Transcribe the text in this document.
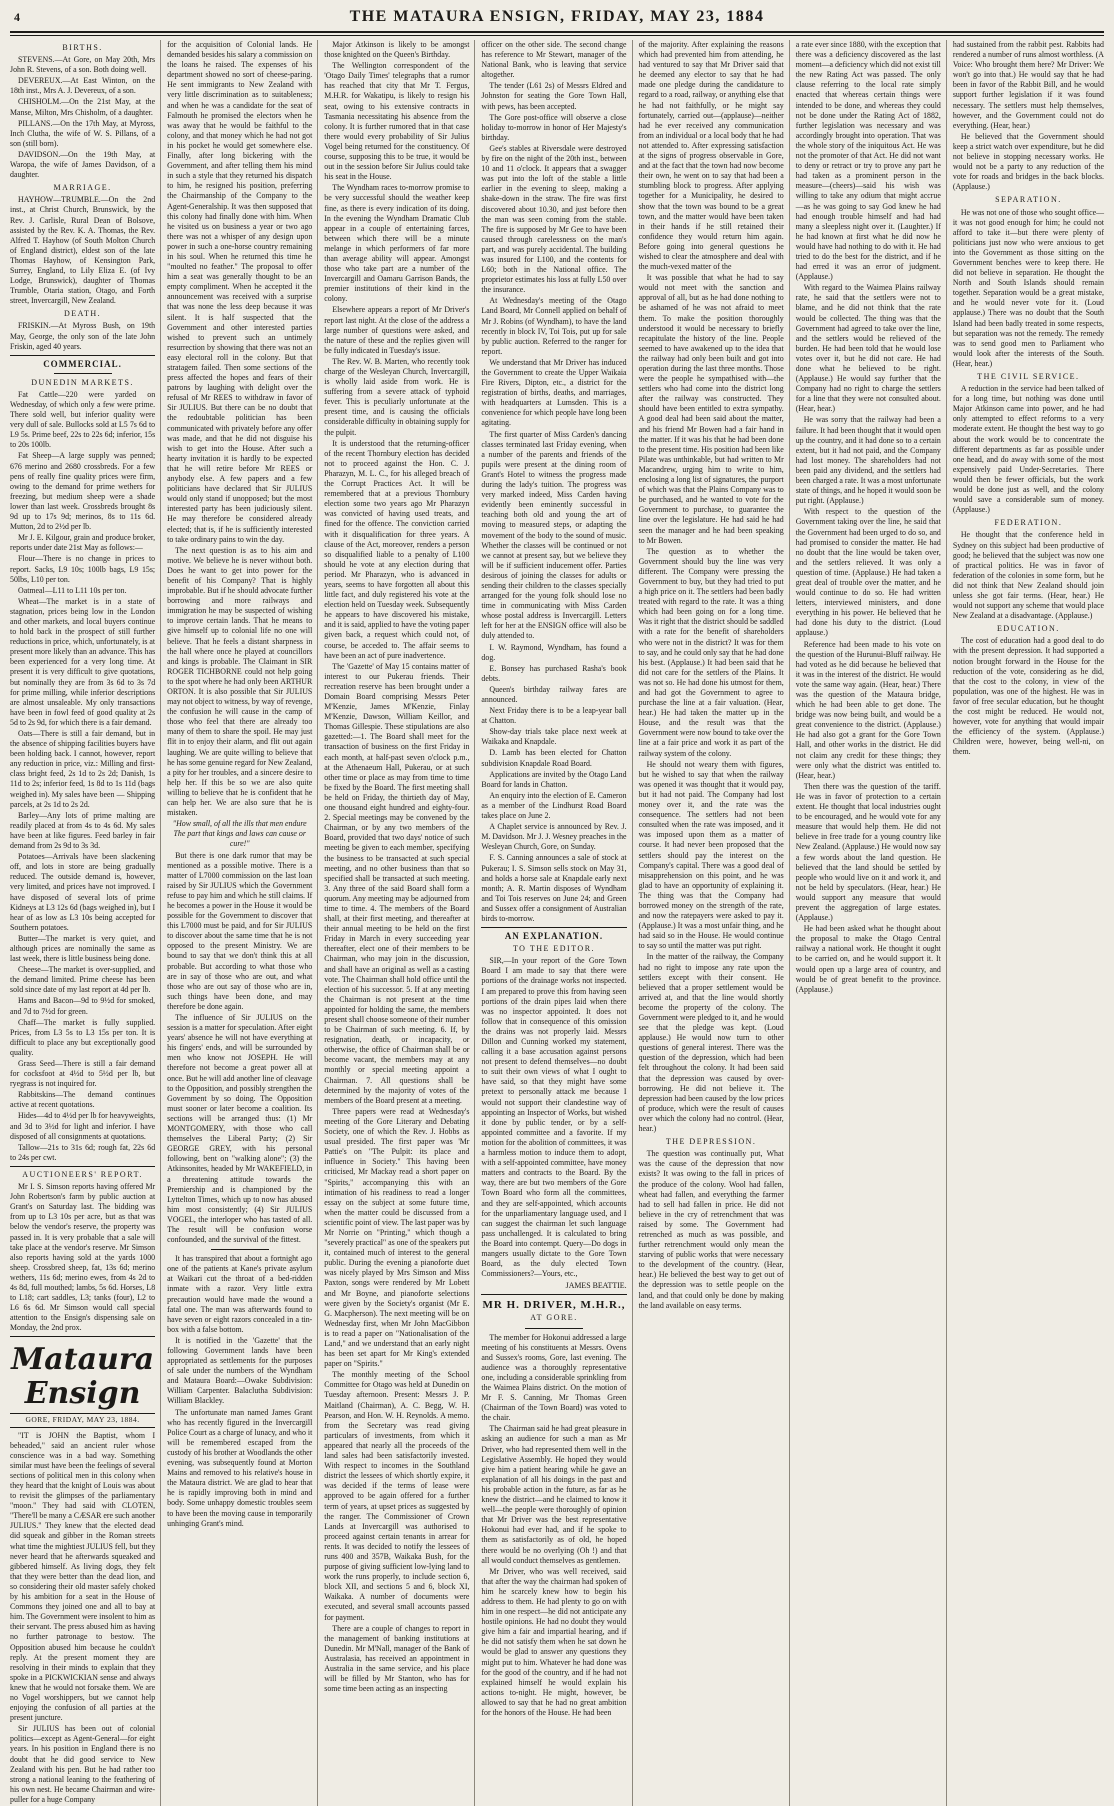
4	THE MATAURA ENSIGN, FRIDAY, MAY 23, 1884
BIRTHS.

STEVENS.—At Gore, on May 20th, Mrs John R. Stevens, of a son. Both doing well.

DEVEREUX.—At East Winton, on the 18th inst., Mrs A. J. Devereux, of a son.

CHISHOLM.—On the 21st May, at the Manse, Milton, Mrs Chisholm, of a daughter.

PILLANS.—On the 17th May, at Myross, Inch Clutha, the wife of W. S. Pillans, of a son (still born).

DAVIDSON.—On the 19th May, at Waropa, the wife of James Davidson, of a daughter.

MARRIAGE.

HAYHOW—TRUMBLE.—On the 2nd inst., at Christ Church, Brunswick, by the Rev. J. Carlisle, Rural Dean of Bolsove, assisted by the Rev. K. A. Thomas, the Rev. Alfred T. Hayhow (of South Molton Church of England district), eldest son of the late Thomas Hayhow, of Kensington Park, Surrey, England, to Lily Eliza E. (of Ivy Lodge, Brunswick), daughter of Thomas Trumble, Otaria station, Otago, and Forth street, Invercargill, New Zealand.

DEATH.

FRISKIN.—At Myross Bush, on 19th May, George, the only son of the late John Friskin, aged 40 years.

COMMERCIAL.
DUNEDIN MARKETS.

Fat Cattle—220 were yarded on Wednesday, of which only a few were prime. There sold well, but inferior quality were very dull of sale. Bullocks sold at L5 7s 6d to L9 5s. Prime beef, 22s to 22s 6d; inferior, 15s to 20s 100lb.

Fat Sheep—A large supply was penned; 676 merino and 2680 crossbreds. For a few pens of really fine quality prices were firm, owing to the demand for prime wethers for freezing, but medium sheep were a shade lower than last week. Crossbreds brought 8s 9d up to 17s 9d; merinos, 8s to 11s 6d. Mutton, 2d to 2½d per lb.

Mr J. E. Kilgour, grain and produce broker, reports under date 21st May as follows:—

Flour—There is no change in prices to report. Sacks, L9 10s; 100lb bags, L9 15s; 50lbs, L10 per ton.

Oatmeal—L11 to L11 10s per ton.

Wheat—The market is in a state of stagnation, prices being low in the London and other markets, and local buyers continue to hold back in the prospect of still further reductions in price, which, unfortunately, is at present more likely than an advance. This has been experienced for a very long time. At present it is very difficult to give quotations, but nominally they are from 3s 6d to 3s 7d for prime milling, while inferior descriptions are almost unsaleable. My only transactions have been in fowl feed of good quality at 2s 5d to 2s 9d, for which there is a fair demand.

Oats—There is still a fair demand, but in the absence of shipping facilities buyers have been holding back. I cannot, however, report any reduction in price, viz.: Milling and first-class bright feed, 2s 1d to 2s 2d; Danish, 1s 11d to 2s; inferior feed, 1s 8d to 1s 11d (bags weighed in). My sales have been — Shipping parcels, at 2s 1d to 2s 2d.

Barley—Any lots of prime malting are readily placed at from 4s to 4s 6d. My sales have been at like figures. Feed barley in fair demand from 2s 9d to 3s 3d.

Potatoes—Arrivals have been slackening off, and lots in store are being gradually reduced. The outside demand is, however, very limited, and prices have not improved. I have disposed of several lots of prime Kidneys at L3 12s 6d (bags weighed in), but I hear of as low as L3 10s being accepted for Southern potatoes.

Butter—The market is very quiet, and although prices are nominally the same as last week, there is little business being done.

Cheese—The market is over-supplied, and the demand limited. Prime cheese has been sold since date of my last report at 4d per lb.

Hams and Bacon—9d to 9½d for smoked, and 7d to 7½d for green.

Chaff—The market is fully supplied. Prices, from L3 5s to L3 15s per ton. It is difficult to place any but exceptionally good quality.

Grass Seed—There is still a fair demand for cocksfoot at 4½d to 5½d per lb, but ryegrass is not inquired for.

Rabbitskins—The demand continues active at recent quotations.

Hides—4d to 4½d per lb for heavyweights, and 3d to 3½d for light and inferior. I have disposed of all consignments at quotations.

Tallow—21s to 31s 6d; rough fat, 22s 6d to 24s per cwt.

AUCTIONEERS' REPORT.

Mr I. S. Simson reports having offered Mr John Robertson's farm by public auction at Grant's on Saturday last. The bidding was from up to L3 10s per acre, but as that was below the vendor's reserve, the property was passed in. It is very probable that a sale will take place at the vendor's reserve. Mr Simson also reports having sold at the yards 1000 sheep. Crossbred sheep, fat, 13s 6d; merino wethers, 11s 6d; merino ewes, from 4s 2d to 4s 8d, full mouthed; lambs, 5s 6d. Horses, L8 to L18; cart saddles, L3; tanks (four), L2 to L6 6s 6d. Mr Simson would call special attention to the Ensign's dispensing sale on Monday, the 2nd prox.

Mataura Ensign
GORE, FRIDAY, MAY 23, 1884.

"IT is JOHN the Baptist, whom I beheaded," said an ancient ruler whose conscience was in a bad way. Something similar must have been the feelings of several sections of political men in this colony when they heard that the knight of Louis was about to revisit the glimpses of the parliamentary "moon." They had said with CLOTEN, "There'll be many a CÆSAR ere such another JULIUS." They knew that the elected dead did squeak and gibber in the Roman streets what time the mightiest JULIUS fell, but they never heard that he afterwards squeaked and gibbered himself. As living dogs, they felt that they were better than the dead lion, and so considering their old master safely choked by his ambition for a seat in the House of Commons they joined one and all to bay at him. The Government were insolent to him as their servant. The press abused him as having no further patronage to bestow. The Opposition abused him because he couldn't reply. At the present moment they are resolving in their minds to explain that they spoke in a PICKWICKIAN sense and always knew that he would not forsake them. We are no Vogel worshippers, but we cannot help enjoying the confusion of all parties at the present juncture.

Sir JULIUS has been out of colonial politics—except as Agent-General—for eight years. In his position in England there is no doubt that he did good service to New Zealand with his pen. But he had rather too strong a national leaning to the feathering of his own nest. He became Chairman and wire-puller for a huge Company

for the acquisition of Colonial lands. He demanded besides his salary a commission on the loans he raised. The expenses of his department showed no sort of cheese-paring. He sent immigrants to New Zealand with very little discrimination as to suitableness; and when he was a candidate for the seat of Falmouth he promised the electors when he was away that he would be faithful to the colony, and that money which he had not got in his pocket he would get somewhere else. Finally, after long bickering with the Government, and after telling them his mind in such a style that they returned his dispatch to him, he resigned his position, preferring the Chairmanship of the Company to the Agent-Generalship. It was then supposed that this colony had finally done with him. When he visited us on business a year or two ago there was not a whisper of any design upon power in such a one-horse country remaining in his soul. When he returned this time he "moulted no feather." The proposal to offer him a seat was generally thought to be an empty compliment. When he accepted it the announcement was received with a surprise that was none the less deep because it was silent. It is half suspected that the Government and other interested parties wished to prevent such an untimely resurrection by showing that there was not an easy electoral roll in the colony. But that stratagem failed. Then some sections of the press affected the hopes and fears of their patrons by laughing with delight over the refusal of Mr REES to withdraw in favor of Sir JULIUS. But there can be no doubt that the redoubtable politician has been communicated with privately before any offer was made, and that he did not disguise his wish to get into the House. After such a hearty invitation it is hardly to be expected that he will retire before Mr REES or anybody else. A few papers and a few politicians have declared that Sir JULIUS would only stand if unopposed; but the most interested party has been judiciously silent. He may therefore be considered already elected; that is, if he is sufficiently interested to take ordinary pains to win the day.

The next question is as to his aim and motive. We believe he is never without both. Does he want to get into power for the benefit of his Company? That is highly improbable. But if he should advocate further borrowing and more railways and immigration he may be suspected of wishing to improve certain lands. That he means to give himself up to colonial life no one will believe. That he feels a distant sharpness in the hall where once he played at councillors and kings is probable. The Claimant in SIR ROGER TICHBORNE could not help going to the spot where he had only been ARTHUR ORTON. It is also possible that Sir JULIUS may not object to witness, by way of revenge, the confusion he will cause in the camp of those who feel that there are already too many of them to share the spoil. He may just flit in to enjoy their alarm, and flit out again laughing. We are quite willing to believe that he has some genuine regard for New Zealand, a pity for her troubles, and a sincere desire to help her. If this be so we are also quite willing to believe that he is confident that he can help her. We are also sure that he is mistaken.

"How small, of all the ills that men endure The part that kings and laws can cause or cure!"

But there is one dark rumor that may be mentioned as a possible motive. There is a matter of L7000 commission on the last loan raised by Sir JULIUS which the Government refuse to pay him and which he still claims. If he becomes a power in the House it would be possible for the Government to discover that this L7000 must be paid, and for Sir JULIUS to discover about the same time that he is not opposed to the present Ministry. We are bound to say that we don't think this at all probable. But according to what those who are in say of those who are out, and what those who are out say of those who are in, such things have been done, and may therefore be done again.

The influence of Sir JULIUS on the session is a matter for speculation. After eight years' absence he will not have everything at his fingers' ends, and will be surrounded by men who know not JOSEPH. He will therefore not become a great power all at once. But he will add another line of cleavage to the Opposition, and possibly strengthen the Government by so doing. The Opposition must sooner or later become a coalition. Its sections will be arranged thus: (1) Mr MONTGOMERY, with those who call themselves the Liberal Party; (2) Sir GEORGE GREY, with his personal following, bent on "walking alone"; (3) the Atkinsonites, headed by Mr WAKEFIELD, in a threatening attitude towards the Premiership and is championed by the Lyttelton Times, which up to now has abused him most consistently; (4) Sir JULIUS VOGEL, the interloper who has tasted of all. The result will be confusion worse confounded, and the survival of the fittest.

It has transpired that about a fortnight ago one of the patients at Kane's private asylum at Waikari cut the throat of a bed-ridden inmate with a razor. Very little extra precaution would have made the wound a fatal one. The man was afterwards found to have seven or eight razors concealed in a tin-box with a false bottom.

It is notified in the 'Gazette' that the following Government lands have been appropriated as settlements for the purposes of sale under the numbers of the Wyndham and Mataura Board:—Owake Subdivision: William Carpenter. Balaclutha Subdivision: William Blackley.

The unfortunate man named James Grant who has recently figured in the Invercargill Police Court as a charge of lunacy, and who it will be remembered escaped from the custody of his brother at Woodlands the other evening, was subsequently found at Morton Mains and removed to his relative's house in the Mataura district. We are glad to hear that he is rapidly improving both in mind and body. Some unhappy domestic troubles seem to have been the moving cause in temporarily unhinging Grant's mind.

Major Atkinson is likely to be amongst those knighted on the Queen's Birthday.

The Wellington correspondent of the 'Otago Daily Times' telegraphs that a rumor has reached that city that Mr T. Fergus, M.H.R. for Wakatipu, is likely to resign his seat, owing to his extensive contracts in Tasmania necessitating his absence from the colony. It is further rumored that in that case there would every probability of Sir Julius Vogel being returned for the constituency. Of course, supposing this to be true, it would be out in the session before Sir Julius could take his seat in the House.

The Wyndham races to-morrow promise to be very successful should the weather keep fine, as there is every indication of its doing. In the evening the Wyndham Dramatic Club appear in a couple of entertaining farces, between which there will be a minute melange in which performers of far more than average ability will appear. Amongst those who take part are a number of the Invercargill and Oamaru Garrison Bands, the premier institutions of their kind in the colony.

Elsewhere appears a report of Mr Driver's report last night. At the close of the address a large number of questions were asked, and the nature of these and the replies given will be fully indicated in Tuesday's issue.

The Rev. W. B. Marten, who recently took charge of the Wesleyan Church, Invercargill, is wholly laid aside from work. He is suffering from a severe attack of typhoid fever. This is peculiarly unfortunate at the present time, and is causing the officials considerable difficulty in obtaining supply for the pulpit.

It is understood that the returning-officer of the recent Thornbury election has decided not to proceed against the Hon. C. J. Pharazyn, M. L. C., for his alleged breach of the Corrupt Practices Act. It will be remembered that at a previous Thornbury election some two years ago Mr Pharazyn was convicted of having used treats, and fined for the offence. The conviction carried with it disqualification for three years. A clause of the Act, moreover, renders a person so disqualified liable to a penalty of L100 should he vote at any election during that period. Mr Pharazyn, who is advanced in years, seems to have forgotten all about this little fact, and duly registered his vote at the election held on Tuesday week. Subsequently he appears to have discovered his mistake, and it is said, applied to have the voting paper given back, a request which could not, of course, be acceded to. The affair seems to have been an act of pure inadvertence.

The 'Gazette' of May 15 contains matter of interest to our Pukerau friends. Their recreation reserve has been brought under a Domain Board comprising Messrs Peter M'Kenzie, James M'Kenzie, Finlay M'Kenzie, Dawson, William Keillor, and Thomas Gillespie. These stipulations are also gazetted:—1. The Board shall meet for the transaction of business on the first Friday in each month, at half-past seven o'clock p.m., at the Athenaeum Hall, Pukerau, or at such other time or place as may from time to time be fixed by the Board. The first meeting shall be held on Friday, the thirtieth day of May, one thousand eight hundred and eighty-four. 2. Special meetings may be convened by the Chairman, or by any two members of the Board, provided that two days' notice of such meeting be given to each member, specifying the business to be transacted at such special meeting, and no other business than that so specified shall be transacted at such meeting. 3. Any three of the said Board shall form a quorum. Any meeting may be adjourned from time to time. 4. The members of the Board shall, at their first meeting, and thereafter at their annual meeting to be held on the first Friday in March in every succeeding year thereafter, elect one of their members to be Chairman, who may join in the discussion, and shall have an original as well as a casting vote. The Chairman shall hold office until the election of his successor. 5. If at any meeting the Chairman is not present at the time appointed for holding the same, the members present shall choose someone of their number to be Chairman of such meeting. 6. If, by resignation, death, or incapacity, or otherwise, the office of Chairman shall be or become vacant, the members may at any monthly or special meeting appoint a Chairman. 7. All questions shall be determined by the majority of votes of the members of the Board present at a meeting.

Three papers were read at Wednesday's meeting of the Gore Literary and Debating Society, one of which the Rev. J. Hobbs as usual presided. The first paper was 'Mr Pattie's on "The Pulpit: its place and influence in Society." This having been criticised, Mr Mackay read a short paper on "Spirits," accompanying this with an intimation of his readiness to read a longer essay on the subject at some future time, when the matter could be discussed from a scientific point of view. The last paper was by Mr Norrie on "Printing," which though a "severely practical" as one of the speakers put it, contained much of interest to the general public. During the evening a pianoforte duet was nicely played by Mrs Simson and Miss Paxton, songs were rendered by Mr Lobett and Mr Boyne, and pianoforte selections were given by the Society's organist (Mr E. G. Macpherson). The next meeting will be on Wednesday first, when Mr John MacGibbon is to read a paper on "Nationalisation of the Land," and we understand that an early night has been set apart for Mr King's extended paper on "Spirits."

The monthly meeting of the School Committee for Otago was held at Dunedin on Tuesday afternoon. Present: Messrs J. P. Maitland (Chairman), A. C. Begg, W. H. Pearson, and Hon. W. H. Reynolds. A memo. from the Secretary was read giving particulars of investments, from which it appeared that nearly all the proceeds of the land sales had been satisfactorily invested. With respect to incomes in the Southland district the lessees of which shortly expire, it was decided if the terms of lease were approved to be again offered for a further term of years, at upset prices as suggested by the ranger. The Commissioner of Crown Lands at Invercargill was authorised to proceed against certain tenants in arrear for rents. It was decided to notify the lessees of runs 400 and 357B, Waikaka Bush, for the purpose of giving sufficient low-lying land to work the runs properly, to include section 6, block XII, and sections 5 and 6, block XI, Waikaka. A number of documents were executed, and several small accounts passed for payment.

There are a couple of changes to report in the management of banking institutions at Dunedin. Mr M'Nall, manager of the Bank of Australasia, has received an appointment in Australia in the same service, and his place will be filled by Mr Stanton, who has for some time been acting as an inspecting

officer on the other side. The second change has reference to Mr Stewart, manager of the National Bank, who is leaving that service altogether.

The tender (L61 2s) of Messrs Eldred and Johnston for seating the Gore Town Hall, with pews, has been accepted.

The Gore post-office will observe a close holiday to-morrow in honor of Her Majesty's birthday.

Gee's stables at Riversdale were destroyed by fire on the night of the 20th inst., between 10 and 11 o'clock. It appears that a swagger was put into the loft of the stable a little earlier in the evening to sleep, making a shake-down in the straw. The fire was first discovered about 10.30, and just before then the man was seen coming from the stable. The fire is supposed by Mr Gee to have been caused through carelessness on the man's part, and was purely accidental. The building was insured for L100, and the contents for L60; both in the National office. The proprietor estimates his loss at fully L50 over the insurance.

At Wednesday's meeting of the Otago Land Board, Mr Connell applied on behalf of Mr J. Robins (of Wyndham), to have the land recently in block IV, Toi Tois, put up for sale by public auction. Referred to the ranger for report.

We understand that Mr Driver has induced the Government to create the Upper Waikaia Fire Rivers, Dipton, etc., a district for the registration of births, deaths, and marriages, with headquarters at Lumsden. This is a convenience for which people have long been agitating.

The first quarter of Miss Carden's dancing classes terminated last Friday evening, when a number of the parents and friends of the pupils were present at the dining room of Grant's Hotel to witness the progress made during the lady's tuition. The progress was very marked indeed, Miss Carden having evidently been eminently successful in teaching both old and young the art of moving to measured steps, or adapting the movement of the body to the sound of music. Whether the classes will be continued or not we cannot at present say, but we believe they will be if sufficient inducement offer. Parties desirous of joining the classes for adults or sending their children to the classes specially arranged for the young folk should lose no time in communicating with Miss Carden whose postal address is Invercargill. Letters left for her at the ENSIGN office will also be duly attended to.

I. W. Raymond, Wyndham, has found a dog.

E. Bonsey has purchased Rasha's book debts.

Queen's birthday railway fares are announced.

Next Friday there is to be a leap-year ball at Chatton.

Show-day trials take place next week at Waikaka and Knapdale.

D. Lamb has been elected for Chatton subdivision Knapdale Road Board.

Applications are invited by the Otago Land Board for lands in Chatton.

An enquiry into the election of E. Cameron as a member of the Lindhurst Road Board takes place on June 2.

A Chaplet service is announced by Rev. J. M. Davidson. Mr J. J. Wesney preaches in the Wesleyan Church, Gore, on Sunday.

F. S. Canning announces a sale of stock at Pukerau; I. S. Simson sells stock on May 31, and holds a horse sale at Knapdale early next month; A. R. Martin disposes of Wyndham and Toi Tois reserves on June 24; and Green and Sussex offer a consignment of Australian birds to-morrow.

AN EXPLANATION.
TO THE EDITOR.

SIR,—In your report of the Gore Town Board I am made to say that there were portions of the drainage works not inspected. I am prepared to prove this from having seen portions of the drain pipes laid when there was no inspector appointed. It does not follow that in consequence of this omission the drains was not properly laid. Messrs Dillon and Cunning worked my statement, calling it a base accusation against persons not present to defend themselves—no doubt to suit their own views of what I ought to have said, so that they might have some pretext to personally attack me because I would not support their clandestine way of appointing an Inspector of Works, but wished it done by public tender, or by a self-appointed committee and a favorite. If my motion for the abolition of committees, it was a harmless motion to induce them to adopt, with a self-appointed committee, have money matters and contracts to the Board. By the way, there are but two members of the Gore Town Board who form all the committees, and they are self-appointed, which accounts for the unparliamentary language used, and I can suggest the chairman let such language pass unchallenged. It is calculated to bring the Board into contempt. Query—Do dogs in mangers usually dictate to the Gore Town Board, as the duly elected Town Commissioners?—Yours, etc.,

JAMES BEATTIE.
MR H. DRIVER, M.H.R.,
AT GORE.

The member for Hokonui addressed a large meeting of his constituents at Messrs. Ovens and Sussex's rooms, Gore, last evening. The audience was a thoroughly representative one, including a considerable sprinkling from the Waimea Plains district. On the motion of Mr F. S. Canning, Mr Thomas Green (Chairman of the Town Board) was voted to the chair.

The Chairman said he had great pleasure in asking an audience for such a man as Mr Driver, who had represented them well in the Legislative Assembly. He hoped they would give him a patient hearing while he gave an explanation of all his doings in the past and his probable action in the future, as far as he knew the district—and he claimed to know it well—the people were thoroughly of opinion that Mr Driver was the best representative Hokonui had ever had, and if he spoke to them as satisfactorily as of old, he hoped there would be no overlying (Oh !) and that all would conduct themselves as gentlemen.

Mr Driver, who was well received, said that after the way the chairman had spoken of him he scarcely knew how to begin his address to them. He had plenty to go on with him in one respect—he did not anticipate any hostile opinions. He had no doubt they would give him a fair and impartial hearing, and if he did not satisfy them when he sat down he would be glad to answer any questions they might put to him. Whatever he had done was for the good of the country, and if he had not explained himself he would explain his actions to-night. He might, however, be allowed to say that he had no great ambition for the honors of the House. He had been

of the majority. After explaining the reasons which had prevented him from attending, he had ventured to say that Mr Driver said that he deemed any elector to say that he had made one pledge during the candidature to regard to a road, railway, or anything else that he had not faithfully, or he might say fortunately, carried out—(applause)—neither had he ever received any communication from an individual or a local body that he had not attended to. After expressing satisfaction at the signs of progress observable in Gore, and at the fact that the town had now become their own, he went on to say that had been a stumbling block to progress. After applying together for a Municipality, he desired to show that the town was bound to be a great town, and the matter would have been taken in their hands if he still retained their confidence they would return him again. Before going into general questions he wished to clear the atmosphere and deal with the much-vexed matter of the

It was possible that what he had to say would not meet with the sanction and approval of all, but as he had done nothing to be ashamed of he was not afraid to meet them. To make the position thoroughly understood it would be necessary to briefly recapitulate the history of the line. People seemed to have awakened up to the idea that the railway had only been built and got into operation during the last three months. Those were the people he sympathised with—the settlers who had come into the district long after the railway was constructed. They should have been entitled to extra sympathy. A good deal had been said about the matter, and his friend Mr Bowen had a fair hand in the matter. If it was his that he had been done to the present time. His position had been like Pilate was unthinkable, but had written to Mr Macandrew, urging him to write to him, enclosing a long list of signatures, the purport of which was that the Plains Company was to be purchased, and he wanted to vote for the Government to purchase, to guarantee the line over the legislature. He had said he had seen the manager and he had been speaking to Mr Bowen.

The question as to whether the Government should buy the line was very different. The Company were pressing the Government to buy, but they had tried to put a high price on it. The settlers had been badly treated with regard to the rate. It was a thing which had been going on for a long time. Was it right that the district should be saddled with a rate for the benefit of shareholders who were not in the district? It was for them to say, and he could only say that he had done his best. (Applause.) It had been said that he did not care for the settlers of the Plains. It was not so. He had done his utmost for them, and had got the Government to agree to purchase the line at a fair valuation. (Hear, hear.) He had taken the matter up in the House, and the result was that the Government were now bound to take over the line at a fair price and work it as part of the railway system of the colony.

He should not weary them with figures, but he wished to say that when the railway was opened it was thought that it would pay, but it had not paid. The Company had lost money over it, and the rate was the consequence. The settlers had not been consulted when the rate was imposed, and it was imposed upon them as a matter of course. It had never been proposed that the settlers should pay the interest on the Company's capital. There was a good deal of misapprehension on this point, and he was glad to have an opportunity of explaining it. The thing was that the Company had borrowed money on the strength of the rate, and now the ratepayers were asked to pay it. (Applause.) It was a most unfair thing, and he had said so in the House. He would continue to say so until the matter was put right.

In the matter of the railway, the Company had no right to impose any rate upon the settlers except with their consent. He believed that a proper settlement would be arrived at, and that the line would shortly become the property of the colony. The Government were pledged to it, and he would see that the pledge was kept. (Loud applause.) He would now turn to other questions of general interest. There was the question of the depression, which had been felt throughout the colony. It had been said that the depression was caused by over-borrowing. He did not believe it. The depression had been caused by the low prices of produce, which were the result of causes over which the colony had no control. (Hear, hear.)

THE DEPRESSION.

The question was continually put, What was the cause of the depression that now exists? It was owing to the fall in prices of the produce of the colony. Wool had fallen, wheat had fallen, and everything the farmer had to sell had fallen in price. He did not believe in the cry of retrenchment that was raised by some. The Government had retrenched as much as was possible, and further retrenchment would only mean the starving of public works that were necessary to the development of the country. (Hear, hear.) He believed the best way to get out of the depression was to settle people on the land, and that could only be done by making the land available on easy terms.

a rate ever since 1880, with the exception that there was a deficiency discovered as the last moment—a deficiency which did not exist till the new Rating Act was passed. The only clause referring to the local rate simply enacted that whereas certain things were intended to be done, and whereas they could not be done under the Rating Act of 1882, further legislation was necessary and was accordingly brought into operation. That was the whole story of the iniquitous Act. He was not the promoter of that Act. He did not want to deny or retract or try to prove any part he had taken as a prominent person in the measure—(cheers)—said his wish was willing to take any odium that might accrue—as he was going to say God knew he had had enough trouble himself and had had many a sleepless night over it. (Laughter.) If he had known at first what he did now he would have had nothing to do with it. He had tried to do the best for the district, and if he had erred it was an error of judgment. (Applause.)

With regard to the Waimea Plains railway rate, he said that the settlers were not to blame, and he did not think that the rate would be collected. The thing was that the Government had agreed to take over the line, and the settlers would be relieved of the burden. He had been told that he would lose votes over it, but he did not care. He had done what he believed to be right. (Applause.) He would say further that the Company had no right to charge the settlers for a line that they were not consulted about. (Hear, hear.)

He was sorry that the railway had been a failure. It had been thought that it would open up the country, and it had done so to a certain extent, but it had not paid, and the Company had lost money. The shareholders had not been paid any dividend, and the settlers had been charged a rate. It was a most unfortunate state of things, and he hoped it would soon be put right. (Applause.)

With respect to the question of the Government taking over the line, he said that the Government had been urged to do so, and had promised to consider the matter. He had no doubt that the line would be taken over, and the settlers relieved. It was only a question of time. (Applause.) He had taken a great deal of trouble over the matter, and he would continue to do so. He had written letters, interviewed ministers, and done everything in his power. He believed that he had done his duty to the district. (Loud applause.)

Reference had been made to his vote on the question of the Hurunui-Bluff railway. He had voted as he did because he believed that it was in the interest of the district. He would vote the same way again. (Hear, hear.) There was the question of the Mataura bridge, which he had been able to get done. The bridge was now being built, and would be a great convenience to the district. (Applause.) He had also got a grant for the Gore Town Hall, and other works in the district. He did not claim any credit for these things; they were only what the district was entitled to. (Hear, hear.)

Then there was the question of the tariff. He was in favor of protection to a certain extent. He thought that local industries ought to be encouraged, and he would vote for any measure that would help them. He did not believe in free trade for a young country like New Zealand. (Applause.) He would now say a few words about the land question. He believed that the land should be settled by people who would live on it and work it, and not be held by speculators. (Hear, hear.) He would support any measure that would prevent the aggregation of large estates. (Applause.)

He had been asked what he thought about the proposal to make the Otago Central railway a national work. He thought it ought to be carried on, and he would support it. It would open up a large area of country, and would be of great benefit to the province. (Applause.)

had sustained from the rabbit pest. Rabbits had rendered a number of runs almost worthless. (A Voice: Who brought them here? Mr Driver: We won't go into that.) He would say that he had been in favor of the Rabbit Bill, and he would support further legislation if it was found necessary. The settlers must help themselves, however, and the Government could not do everything. (Hear, hear.)

He believed that the Government should keep a strict watch over expenditure, but he did not believe in stopping necessary works. He would not be a party to any reduction of the vote for roads and bridges in the back blocks. (Applause.)

SEPARATION.

He was not one of those who sought office—it was not good enough for him; he could not afford to take it—but there were plenty of politicians just now who were anxious to get into the Government as those sitting on the Government benches were to keep there. He did not believe in separation. He thought the North and South Islands should remain together. Separation would be a great mistake, and he would never vote for it. (Loud applause.) There was no doubt that the South Island had been badly treated in some respects, but separation was not the remedy. The remedy was to send good men to Parliament who would look after the interests of the South. (Hear, hear.)

THE CIVIL SERVICE.

A reduction in the service had been talked of for a long time, but nothing was done until Major Atkinson came into power, and he had only attempted to effect reforms to a very moderate extent. He thought the best way to go about the work would be to concentrate the different departments as far as possible under one head, and do away with some of the most expensively paid Under-Secretaries. There would then be fewer officials, but the work would be done just as well, and the colony would save a considerable sum of money. (Applause.)

FEDERATION.

He thought that the conference held in Sydney on this subject had been productive of good; he believed that the subject was now one of practical politics. He was in favor of federation of the colonies in some form, but he did not think that New Zealand should join unless she got fair terms. (Hear, hear.) He would not support any scheme that would place New Zealand at a disadvantage. (Applause.)

EDUCATION.

The cost of education had a good deal to do with the present depression. It had supported a notion brought forward in the House for the reduction of the vote, considering as he did, that the cost to the colony, in view of the population, was one of the highest. He was in favor of free secular education, but he thought the cost might be reduced. He would not, however, vote for anything that would impair the efficiency of the system. (Applause.) Children were, however, being well-ni, on them.
